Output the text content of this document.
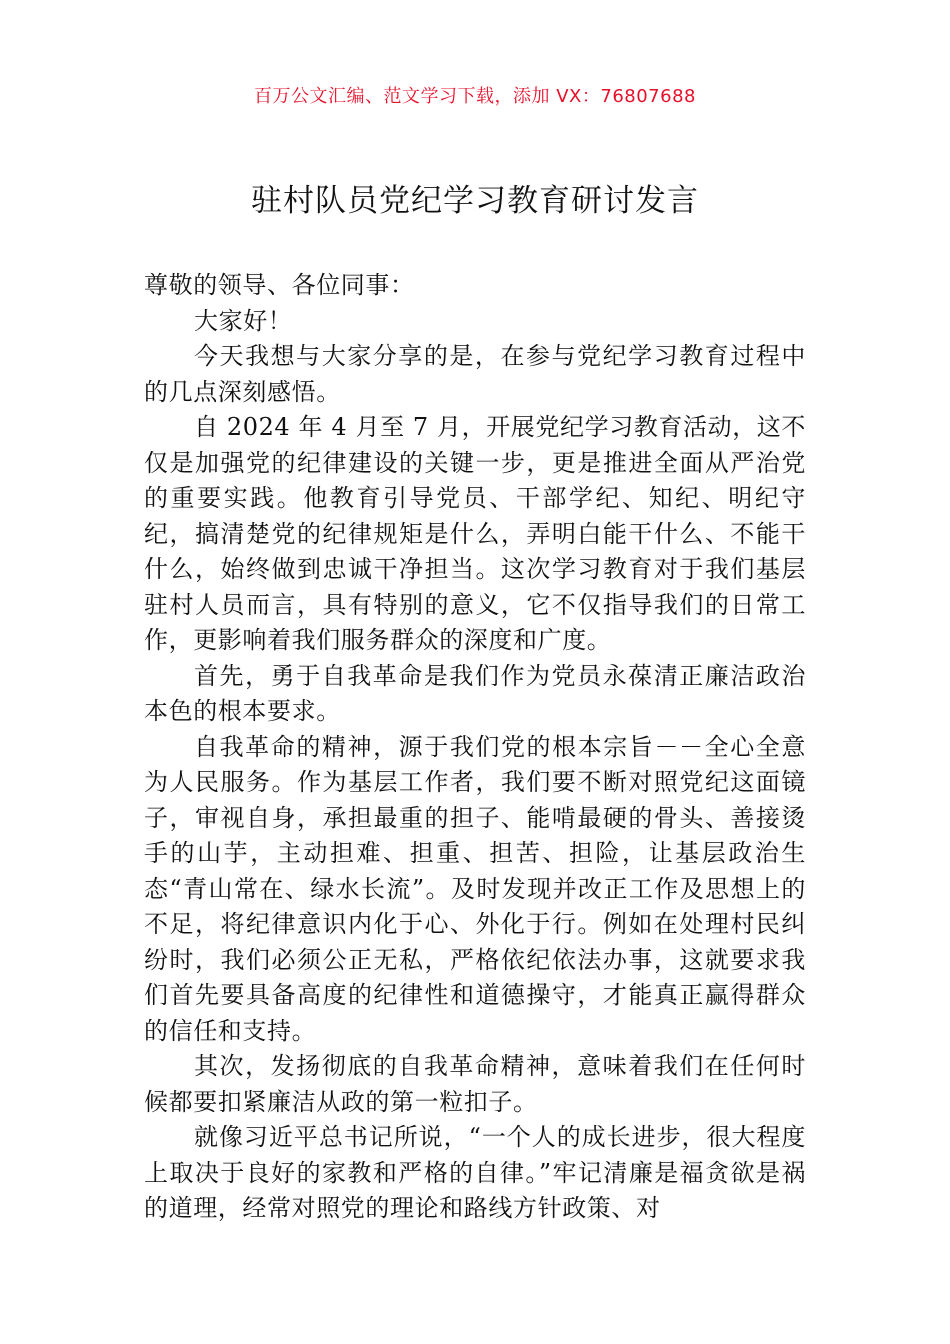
百万公文汇编、范文学习下载，添加 VX：76807688
驻村队员党纪学习教育研讨发言

尊敬的领导、各位同事：

大家好！

今天我想与大家分享的是，在参与党纪学习教育过程中的几点深刻感悟。

自 2024 年 4 月至 7 月，开展党纪学习教育活动，这不仅是加强党的纪律建设的关键一步，更是推进全面从严治党的重要实践。他教育引导党员、干部学纪、知纪、明纪守纪，搞清楚党的纪律规矩是什么，弄明白能干什么、不能干什么，始终做到忠诚干净担当。这次学习教育对于我们基层驻村人员而言，具有特别的意义，它不仅指导我们的日常工作，更影响着我们服务群众的深度和广度。

首先，勇于自我革命是我们作为党员永葆清正廉洁政治本色的根本要求。

自我革命的精神，源于我们党的根本宗旨－－全心全意为人民服务。作为基层工作者，我们要不断对照党纪这面镜子，审视自身，承担最重的担子、能啃最硬的骨头、善接烫手的山芋，主动担难、担重、担苦、担险，让基层政治生态“青山常在、绿水长流”。及时发现并改正工作及思想上的不足，将纪律意识内化于心、外化于行。例如在处理村民纠纷时，我们必须公正无私，严格依纪依法办事，这就要求我们首先要具备高度的纪律性和道德操守，才能真正赢得群众的信任和支持。

其次，发扬彻底的自我革命精神，意味着我们在任何时候都要扣紧廉洁从政的第一粒扣子。

就像习近平总书记所说，“一个人的成长进步，很大程度上取决于良好的家教和严格的自律。”牢记清廉是福贪欲是祸的道理，经常对照党的理论和路线方针政策、对
